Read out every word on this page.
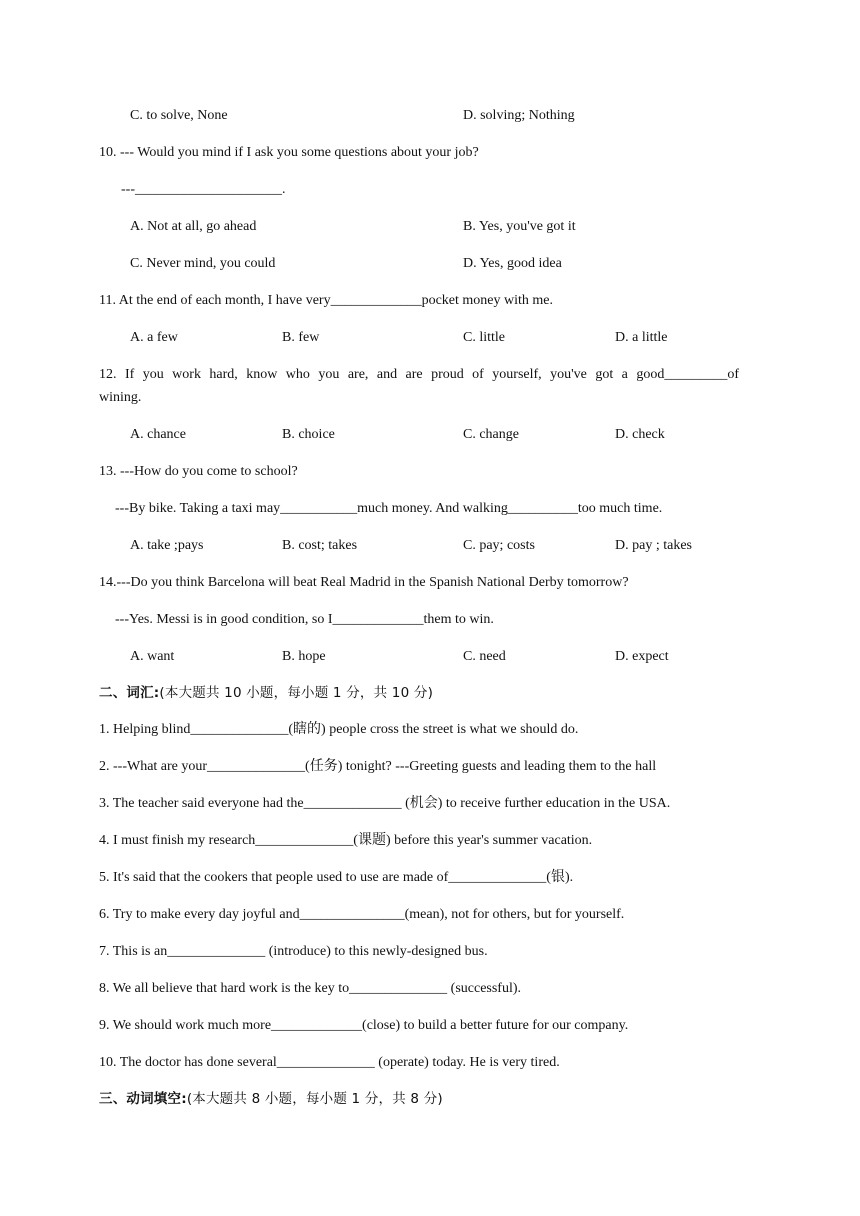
C. to solve, None	D. solving; Nothing
10. --- Would you mind if I ask you some questions about your job?
---_____________________.
A. Not at all, go ahead	B. Yes, you've got it
C. Never mind, you could	D. Yes, good idea
11. At the end of each month, I have very_____________pocket money with me.
A. a few	B. few	C. little	D. a little
12. If you work hard, know who you are, and are proud of yourself, you've got a good_________of
wining.
A. chance	B. choice	C. change	D. check
13. ---How do you come to school?
---By bike. Taking a taxi may___________much money. And walking__________too much time.
A. take ;pays	B. cost; takes	C. pay; costs	D. pay ; takes
14.---Do you think Barcelona will beat Real Madrid in the Spanish National Derby tomorrow?
---Yes. Messi is in good condition, so I_____________them to win.
A. want	B. hope	C. need	D. expect
二、词汇:(本大题共 10 小题，每小题 1 分，共 10 分)
1. Helping blind______________(瞎的) people cross the street is what we should do.
2. ---What are your______________(任务) tonight? ---Greeting guests and leading them to the hall
3. The teacher said everyone had the______________ (机会) to receive further education in the USA.
4. I must finish my research______________(课题) before this year's summer vacation.
5. It's said that the cookers that people used to use are made of______________(银).
6. Try to make every day joyful and_______________(mean), not for others, but for yourself.
7. This is an______________ (introduce) to this newly-designed bus.
8. We all believe that hard work is the key to______________ (successful).
9. We should work much more_____________(close) to build a better future for our company.
10. The doctor has done several______________ (operate) today. He is very tired.
三、动词填空:(本大题共 8 小题，每小题 1 分，共 8 分)
